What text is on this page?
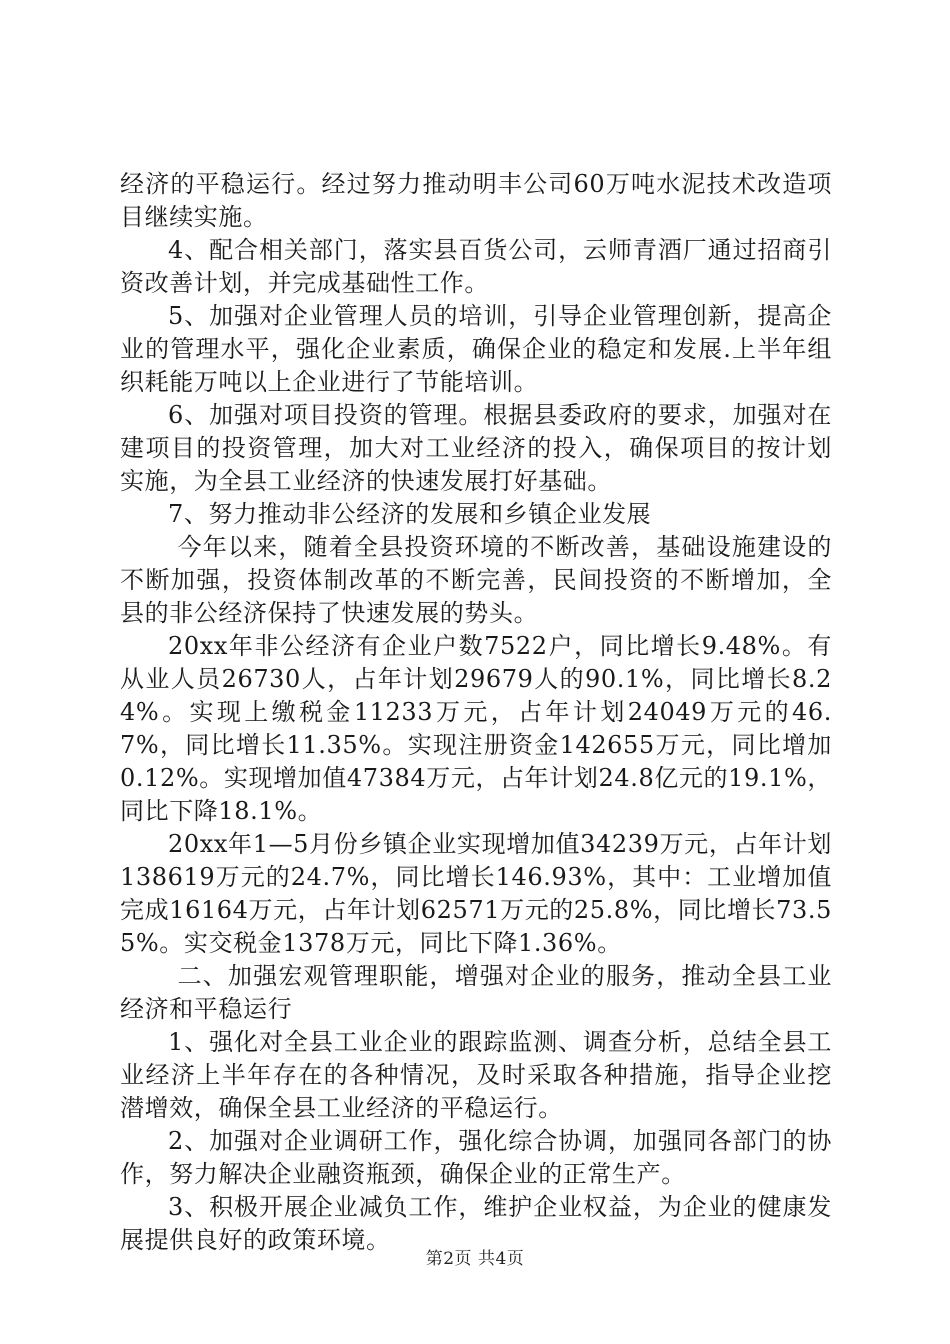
经济的平稳运行。经过努力推动明丰公司60万吨水泥技术改造项目继续实施。

4、配合相关部门，落实县百货公司，云师青酒厂通过招商引资改善计划，并完成基础性工作。

5、加强对企业管理人员的培训，引导企业管理创新，提高企业的管理水平，强化企业素质，确保企业的稳定和发展.上半年组织耗能万吨以上企业进行了节能培训。

6、加强对项目投资的管理。根据县委政府的要求，加强对在建项目的投资管理，加大对工业经济的投入，确保项目的按计划实施，为全县工业经济的快速发展打好基础。

7、努力推动非公经济的发展和乡镇企业发展

今年以来，随着全县投资环境的不断改善，基础设施建设的不断加强，投资体制改革的不断完善，民间投资的不断增加，全县的非公经济保持了快速发展的势头。

20xx年非公经济有企业户数7522户，同比增长9.48%。有从业人员26730人，占年计划29679人的90.1%，同比增长8.24%。实现上缴税金11233万元，占年计划24049万元的46.7%，同比增长11.35%。实现注册资金142655万元，同比增加0.12%。实现增加值47384万元，占年计划24.8亿元的19.1%，同比下降18.1%。

20xx年1—5月份乡镇企业实现增加值34239万元，占年计划138619万元的24.7%，同比增长146.93%，其中：工业增加值完成16164万元，占年计划62571万元的25.8%，同比增长73.55%。实交税金1378万元，同比下降1.36%。

二、加强宏观管理职能，增强对企业的服务，推动全县工业经济和平稳运行

1、强化对全县工业企业的跟踪监测、调查分析，总结全县工业经济上半年存在的各种情况，及时采取各种措施，指导企业挖潜增效，确保全县工业经济的平稳运行。

2、加强对企业调研工作，强化综合协调，加强同各部门的协作，努力解决企业融资瓶颈，确保企业的正常生产。

3、积极开展企业减负工作，维护企业权益，为企业的健康发展提供良好的政策环境。

第2页 共4页
